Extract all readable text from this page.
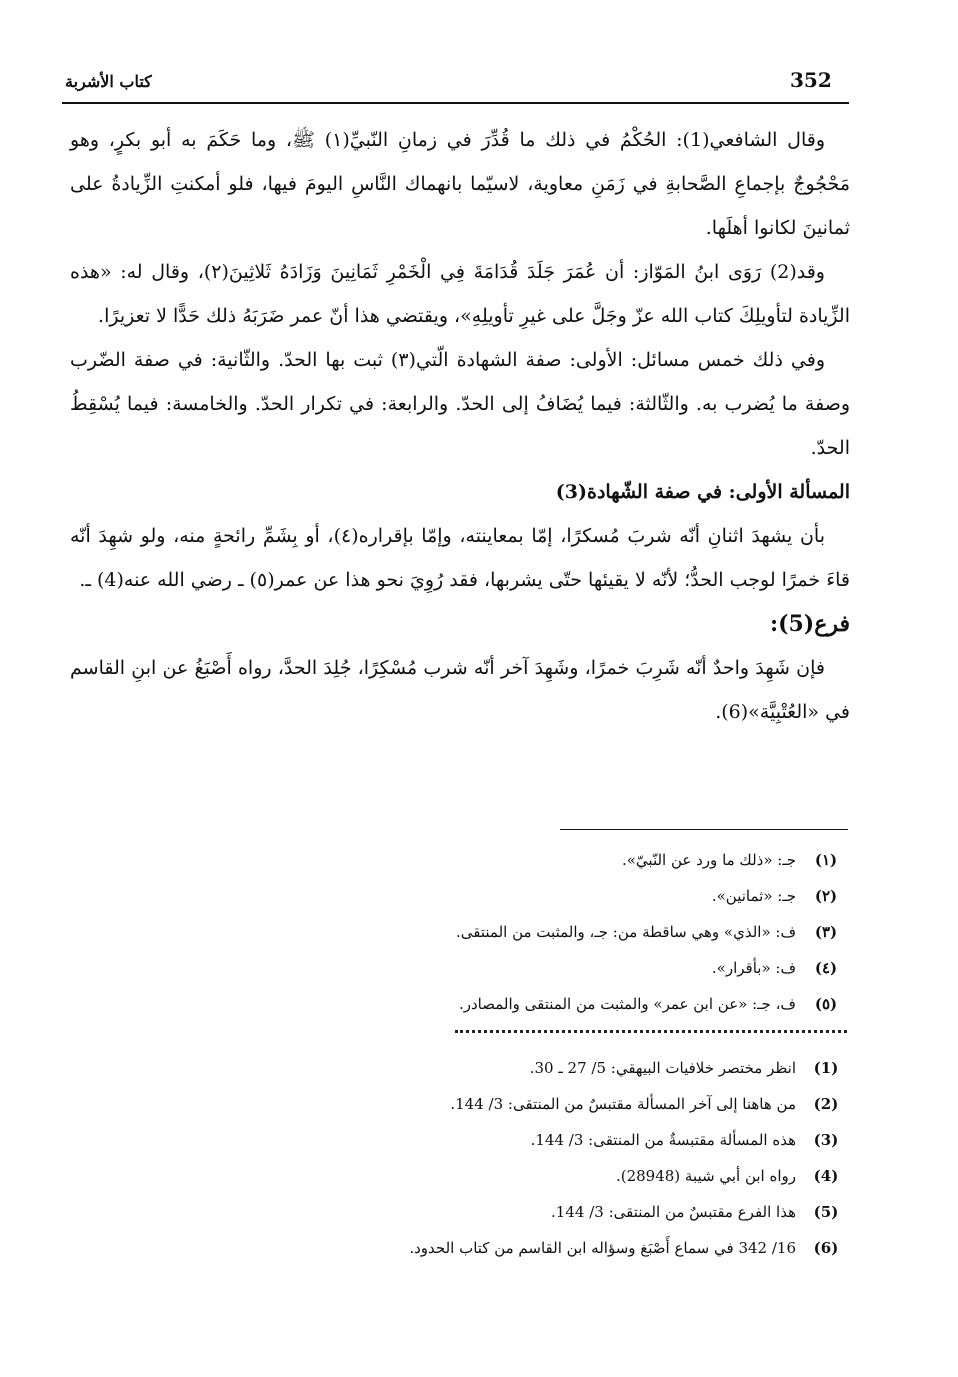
352
كتاب الأشربة

وقال الشافعي(1): الحُكْمُ في ذلك ما قُدِّرَ في زمانِ النّبيِّ(١) ﷺ، وما حَكَمَ به أبو بكرٍ، وهو مَحْجُوجٌ بإجماعِ الصَّحابةِ في زَمَنِ معاوية، لاسيّما بانهماك النَّاسِ اليومَ فيها، فلو أمكنتِ الزِّيادةُ على ثمانينَ لكانوا أهلَها.

وقد(2) رَوَى ابنُ المَوّاز: أن عُمَرَ جَلَدَ قُدَامَةَ فِي الْخَمْرِ ثَمَانِينَ وَزَادَهُ ثَلاثِينَ(٢)، وقال له: «هذه الزِّيادة لتأويلِكَ كتاب الله عزّ وجَلَّ على غيرِ تأويلِهِ»، ويقتضي هذا أنّ عمر ضَرَبَهُ ذلك حَدًّا لا تعزيرًا.

وفي ذلك خمس مسائل: الأولى: صفة الشهادة الّتي(٣) ثبت بها الحدّ. والثّانية: في صفة الضّرب وصفة ما يُضرب به. والثّالثة: فيما يُضَافُ إلى الحدّ. والرابعة: في تكرار الحدّ. والخامسة: فيما يُسْقِطُ الحدّ.

المسألة الأولى: في صفة الشّهادة(3)

بأن يشهدَ اثنانِ أنّه شربَ مُسكرًا، إمّا بمعاينته، وإمّا بإقراره(٤)، أو بِشَمِّ رائحةٍ منه، ولو شهِدَ أنّه قاءَ خمرًا لوجب الحدُّ؛ لأنّه لا يقيئها حتّى يشربها، فقد رُوِيَ نحو هذا عن عمر(٥) ـ رضي الله عنه(4) ـ.

فرع(5):

فإن شَهِدَ واحدٌ أنّه شَرِبَ خمرًا، وشَهِدَ آخر أنّه شرب مُسْكِرًا، جُلِدَ الحدَّ، رواه أَصْبَغُ عن ابنِ القاسم في «العُتْبِيَّة»(6).

(١)
جـ: «ذلك ما ورد عن النّبيّ».
(٢)
جـ: «ثمانين».
(٣)
ف: «الذي» وهي ساقطة من: جـ، والمثبت من المنتقى.
(٤)
ف: «بأقرار».
(٥)
ف، جـ: «عن ابن عمر» والمثبت من المنتقى والمصادر.
(1)
انظر مختصر خلافيات البيهقي: 5/ 27 ـ 30.
(2)
من هاهنا إلى آخر المسألة مقتبسٌ من المنتقى: 3/ 144.
(3)
هذه المسألة مقتبسةٌ من المنتقى: 3/ 144.
(4)
رواه ابن أبي شيبة (28948).
(5)
هذا الفرع مقتبسٌ من المنتقى: 3/ 144.
(6)
16/ 342 في سماع أَصْبَغ وسؤاله ابن القاسم من كتاب الحدود.
